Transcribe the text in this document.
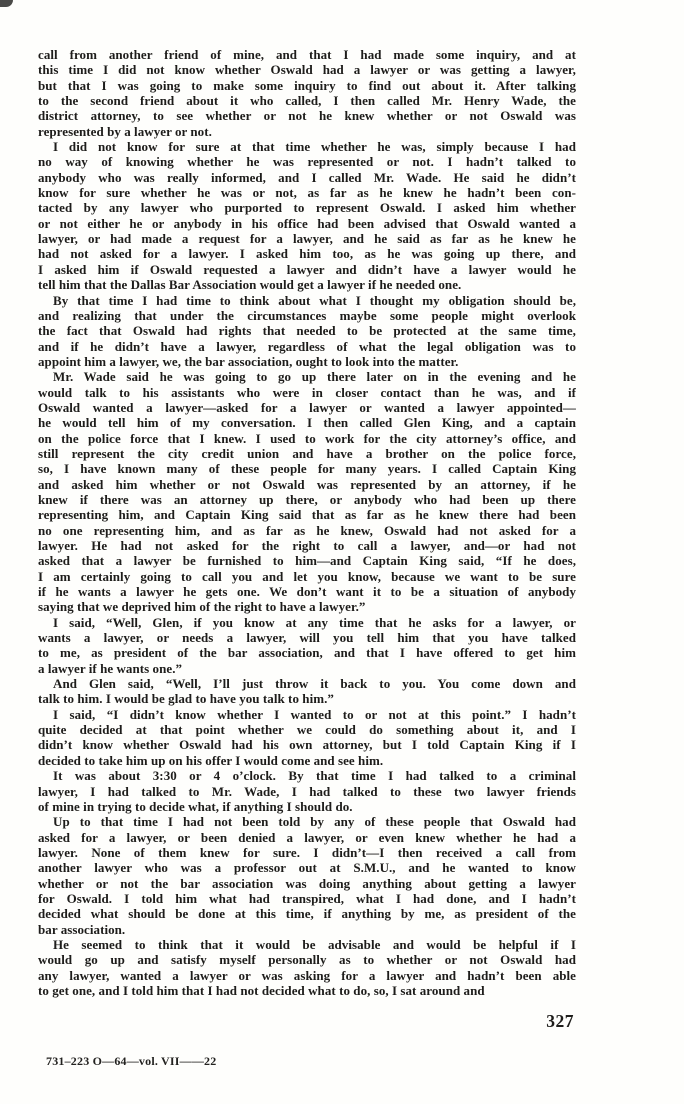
call from another friend of mine, and that I had made some inquiry, and at
this time I did not know whether Oswald had a lawyer or was getting a lawyer,
but that I was going to make some inquiry to find out about it. After talking
to the second friend about it who called, I then called Mr. Henry Wade, the
district attorney, to see whether or not he knew whether or not Oswald was
represented by a lawyer or not.
I did not know for sure at that time whether he was, simply because I had
no way of knowing whether he was represented or not. I hadn’t talked to
anybody who was really informed, and I called Mr. Wade. He said he didn’t
know for sure whether he was or not, as far as he knew he hadn’t been con-
tacted by any lawyer who purported to represent Oswald. I asked him whether
or not either he or anybody in his office had been advised that Oswald wanted a
lawyer, or had made a request for a lawyer, and he said as far as he knew he
had not asked for a lawyer. I asked him too, as he was going up there, and
I asked him if Oswald requested a lawyer and didn’t have a lawyer would he
tell him that the Dallas Bar Association would get a lawyer if he needed one.
By that time I had time to think about what I thought my obligation should be,
and realizing that under the circumstances maybe some people might overlook
the fact that Oswald had rights that needed to be protected at the same time,
and if he didn’t have a lawyer, regardless of what the legal obligation was to
appoint him a lawyer, we, the bar association, ought to look into the matter.
Mr. Wade said he was going to go up there later on in the evening and he
would talk to his assistants who were in closer contact than he was, and if
Oswald wanted a lawyer—asked for a lawyer or wanted a lawyer appointed—
he would tell him of my conversation. I then called Glen King, and a captain
on the police force that I knew. I used to work for the city attorney’s office, and
still represent the city credit union and have a brother on the police force,
so, I have known many of these people for many years. I called Captain King
and asked him whether or not Oswald was represented by an attorney, if he
knew if there was an attorney up there, or anybody who had been up there
representing him, and Captain King said that as far as he knew there had been
no one representing him, and as far as he knew, Oswald had not asked for a
lawyer. He had not asked for the right to call a lawyer, and—or had not
asked that a lawyer be furnished to him—and Captain King said, “If he does,
I am certainly going to call you and let you know, because we want to be sure
if he wants a lawyer he gets one. We don’t want it to be a situation of anybody
saying that we deprived him of the right to have a lawyer.”
I said, “Well, Glen, if you know at any time that he asks for a lawyer, or
wants a lawyer, or needs a lawyer, will you tell him that you have talked
to me, as president of the bar association, and that I have offered to get him
a lawyer if he wants one.”
And Glen said, “Well, I’ll just throw it back to you. You come down and
talk to him. I would be glad to have you talk to him.”
I said, “I didn’t know whether I wanted to or not at this point.” I hadn’t
quite decided at that point whether we could do something about it, and I
didn’t know whether Oswald had his own attorney, but I told Captain King if I
decided to take him up on his offer I would come and see him.
It was about 3:30 or 4 o’clock. By that time I had talked to a criminal
lawyer, I had talked to Mr. Wade, I had talked to these two lawyer friends
of mine in trying to decide what, if anything I should do.
Up to that time I had not been told by any of these people that Oswald had
asked for a lawyer, or been denied a lawyer, or even knew whether he had a
lawyer. None of them knew for sure. I didn’t—I then received a call from
another lawyer who was a professor out at S.M.U., and he wanted to know
whether or not the bar association was doing anything about getting a lawyer
for Oswald. I told him what had transpired, what I had done, and I hadn’t
decided what should be done at this time, if anything by me, as president of the
bar association.
He seemed to think that it would be advisable and would be helpful if I
would go up and satisfy myself personally as to whether or not Oswald had
any lawyer, wanted a lawyer or was asking for a lawyer and hadn’t been able
to get one, and I told him that I had not decided what to do, so, I sat around and
327
731–223 O—64—vol. VII——22
